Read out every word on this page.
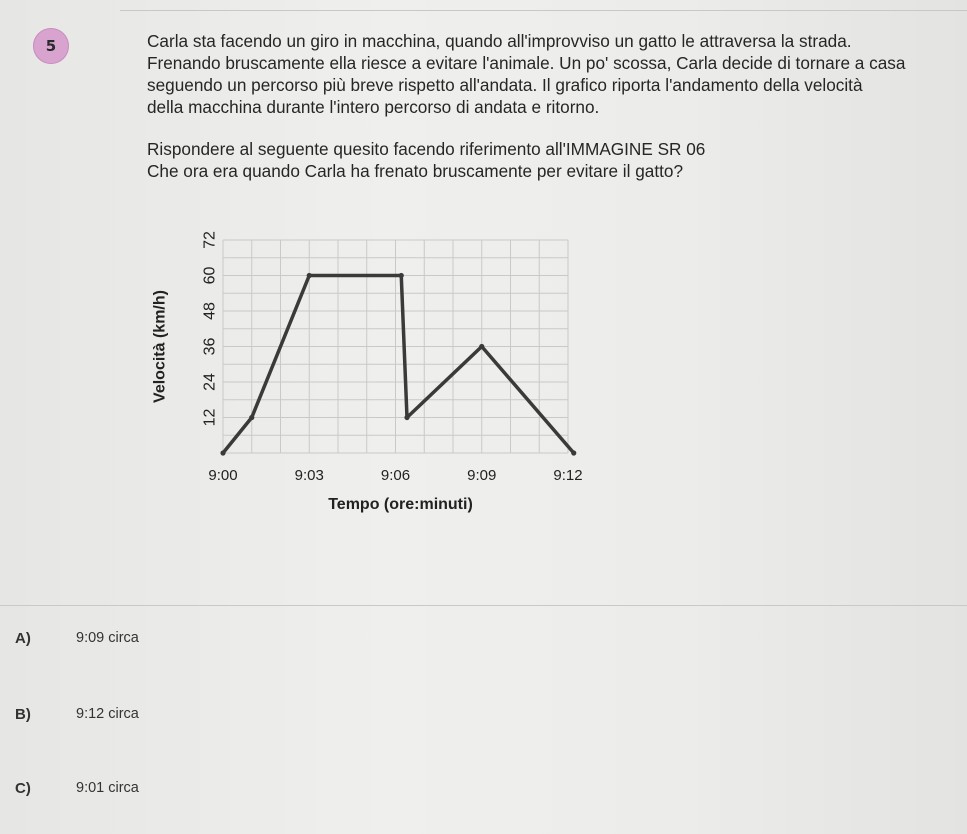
5	Carla sta facendo un giro in macchina, quando all'improvviso un gatto le attraversa la strada.

Frenando bruscamente ella riesce a evitare l'animale. Un po' scossa, Carla decide di tornare a casa

seguendo un percorso più breve rispetto all'andata. Il grafico riporta l'andamento della velocità

della macchina durante l'intero percorso di andata e ritorno.

Rispondere al seguente quesito facendo riferimento all'IMMAGINE SR 06

Che ora era quando Carla ha frenato bruscamente per evitare il gatto?

9:00	9:03	9:06	9:09	9:12
12
24
36
48
60
72
Velocità (km/h)
Tempo (ore:minuti)
A)	9:09 circa
B)	9:12 circa
C)	9:01 circa
